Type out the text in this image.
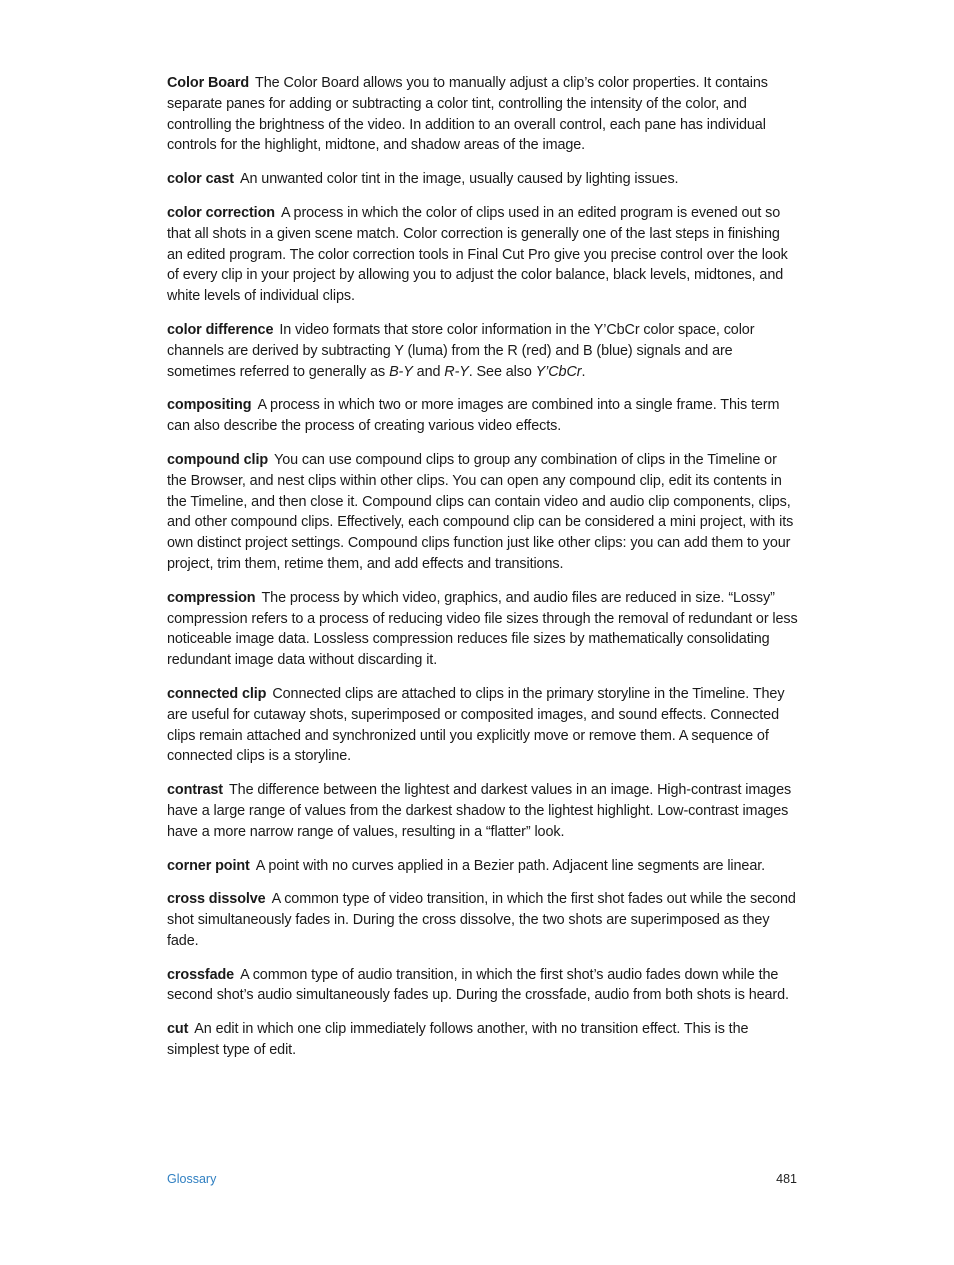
Color Board The Color Board allows you to manually adjust a clip’s color properties. It contains separate panes for adding or subtracting a color tint, controlling the intensity of the color, and controlling the brightness of the video. In addition to an overall control, each pane has individual controls for the highlight, midtone, and shadow areas of the image.

color cast An unwanted color tint in the image, usually caused by lighting issues.

color correction A process in which the color of clips used in an edited program is evened out so that all shots in a given scene match. Color correction is generally one of the last steps in finishing an edited program. The color correction tools in Final Cut Pro give you precise control over the look of every clip in your project by allowing you to adjust the color balance, black levels, midtones, and white levels of individual clips.

color difference In video formats that store color information in the Y’CbCr color space, color channels are derived by subtracting Y (luma) from the R (red) and B (blue) signals and are sometimes referred to generally as B-Y and R-Y. See also Y’CbCr.

compositing A process in which two or more images are combined into a single frame. This term can also describe the process of creating various video effects.

compound clip You can use compound clips to group any combination of clips in the Timeline or the Browser, and nest clips within other clips. You can open any compound clip, edit its contents in the Timeline, and then close it. Compound clips can contain video and audio clip components, clips, and other compound clips. Effectively, each compound clip can be considered a mini project, with its own distinct project settings. Compound clips function just like other clips: you can add them to your project, trim them, retime them, and add effects and transitions.

compression The process by which video, graphics, and audio files are reduced in size. “Lossy” compression refers to a process of reducing video file sizes through the removal of redundant or less noticeable image data. Lossless compression reduces file sizes by mathematically consolidating redundant image data without discarding it.

connected clip Connected clips are attached to clips in the primary storyline in the Timeline. They are useful for cutaway shots, superimposed or composited images, and sound effects. Connected clips remain attached and synchronized until you explicitly move or remove them. A sequence of connected clips is a storyline.

contrast The difference between the lightest and darkest values in an image. High-contrast images have a large range of values from the darkest shadow to the lightest highlight. Low-contrast images have a more narrow range of values, resulting in a “flatter” look.

corner point A point with no curves applied in a Bezier path. Adjacent line segments are linear.

cross dissolve A common type of video transition, in which the first shot fades out while the second shot simultaneously fades in. During the cross dissolve, the two shots are superimposed as they fade.

crossfade A common type of audio transition, in which the first shot’s audio fades down while the second shot’s audio simultaneously fades up. During the crossfade, audio from both shots is heard.

cut An edit in which one clip immediately follows another, with no transition effect. This is the simplest type of edit.

Glossary	481
